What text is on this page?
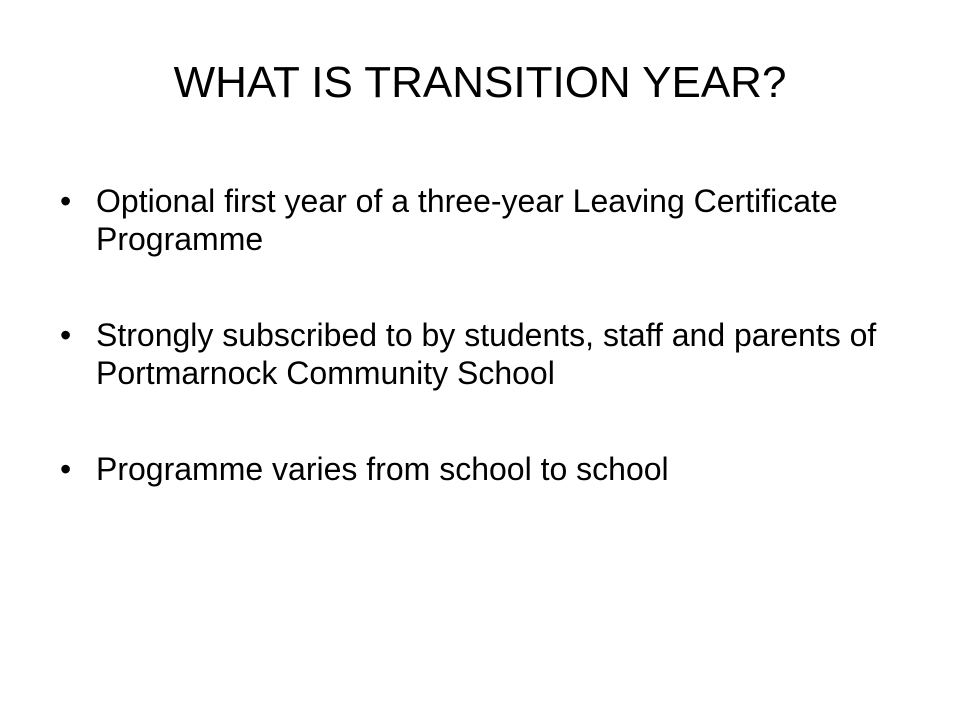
WHAT IS TRANSITION YEAR?
• Optional first year of a three-year Leaving Certificate Programme
• Strongly subscribed to by students, staff and parents of Portmarnock Community School
• Programme varies from school to school
